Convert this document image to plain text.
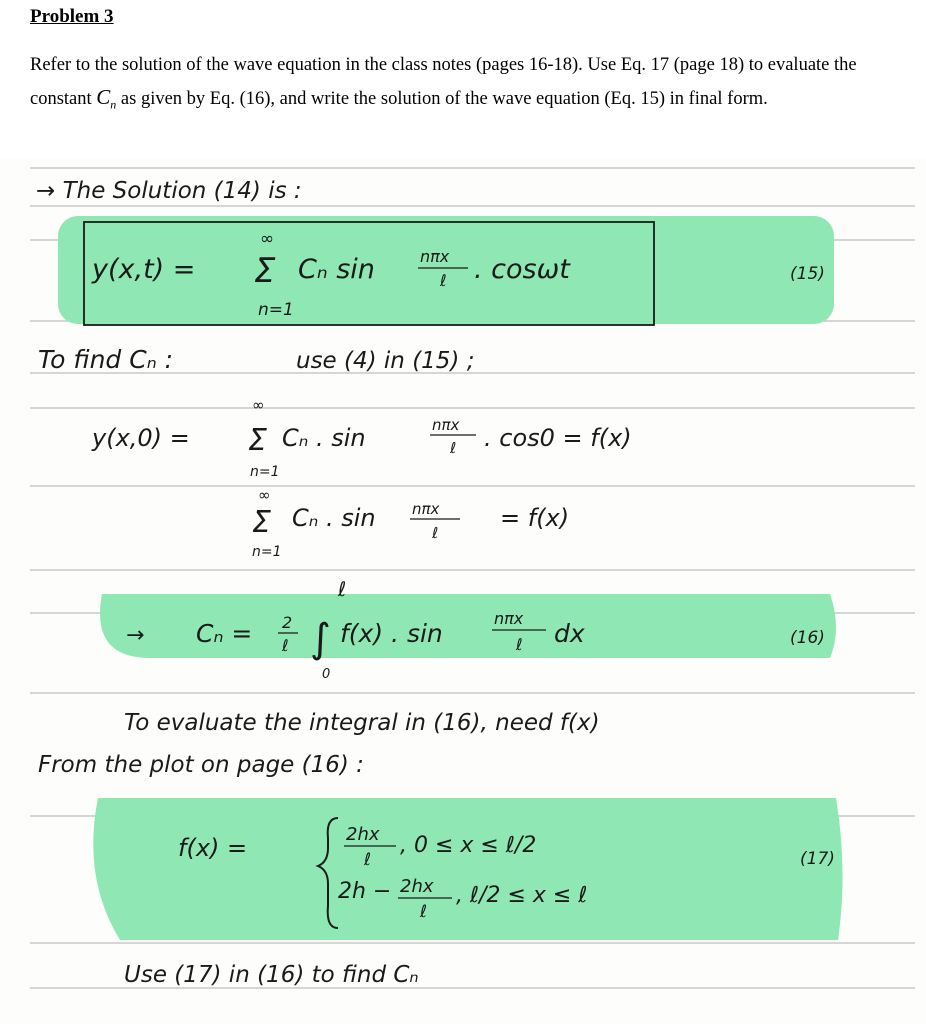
Problem 3

Refer to the solution of the wave equation in the class notes (pages 16-18). Use Eq. 17 (page 18) to evaluate the constant $C_n$ as given by Eq. (16), and write the solution of the wave equation (Eq. 15) in final form.

→ The Solution (14) is :
y(x,t) =
∞
Σ
n=1
Cₙ sin	nπx
ℓ . cosωt	(15)
To find Cₙ :	use (4) in (15) ;
∞
y(x,0) = Σ
n=1
Cₙ . sin	nπx
ℓ . cos0 = f(x)
∞
Σ
n=1
Cₙ . sin nπx
ℓ
= f(x)
→
ℓ
Cₙ = 2
ℓ ∫
0
f(x) . sin
nπx
ℓ dx	(16)
To evaluate the integral in (16), need f(x)
From the plot on page (16) :
f(x) =	2hx
ℓ
, 0 ≤ x ≤ ℓ/2
2h − 2hx
ℓ
, ℓ/2 ≤ x ≤ ℓ
(17)
Use (17) in (16) to find Cₙ
